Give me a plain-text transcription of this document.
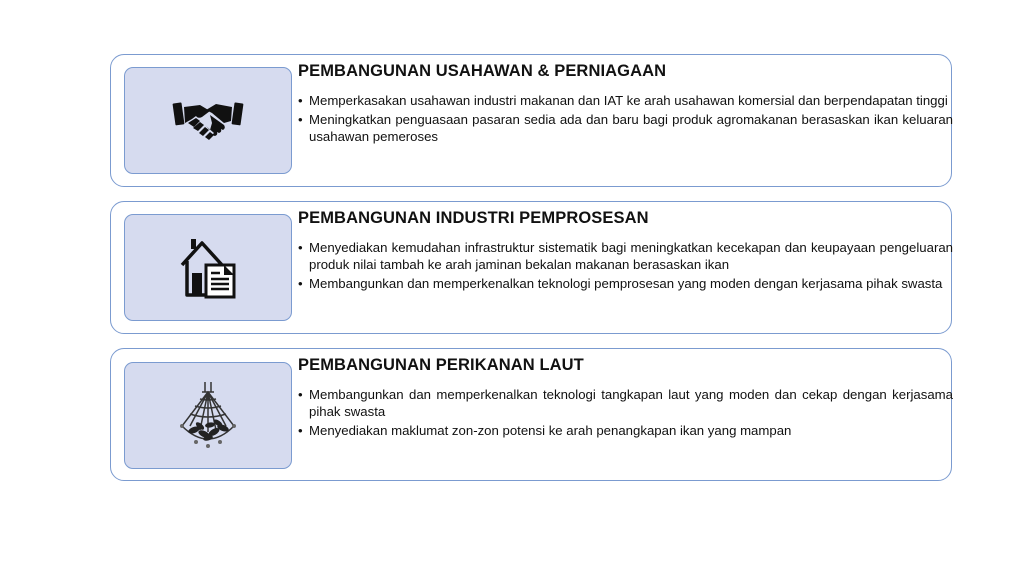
PEMBANGUNAN USAHAWAN & PERNIAGAAN
• Memperkasakan usahawan industri makanan dan IAT ke arah usahawan komersial dan berpendapatan tinggi
• Meningkatkan penguasaan pasaran sedia ada dan baru bagi produk agromakanan berasaskan ikan keluaran usahawan pemeroses
PEMBANGUNAN INDUSTRI PEMPROSESAN
• Menyediakan kemudahan infrastruktur sistematik bagi meningkatkan kecekapan dan keupayaan pengeluaran produk nilai tambah ke arah jaminan bekalan makanan berasaskan ikan
• Membangunkan dan memperkenalkan teknologi pemprosesan yang moden dengan kerjasama pihak swasta
PEMBANGUNAN PERIKANAN LAUT
• Membangunkan dan memperkenalkan teknologi tangkapan laut yang moden dan cekap dengan kerjasama pihak swasta
• Menyediakan maklumat zon-zon potensi ke arah penangkapan ikan yang mampan
